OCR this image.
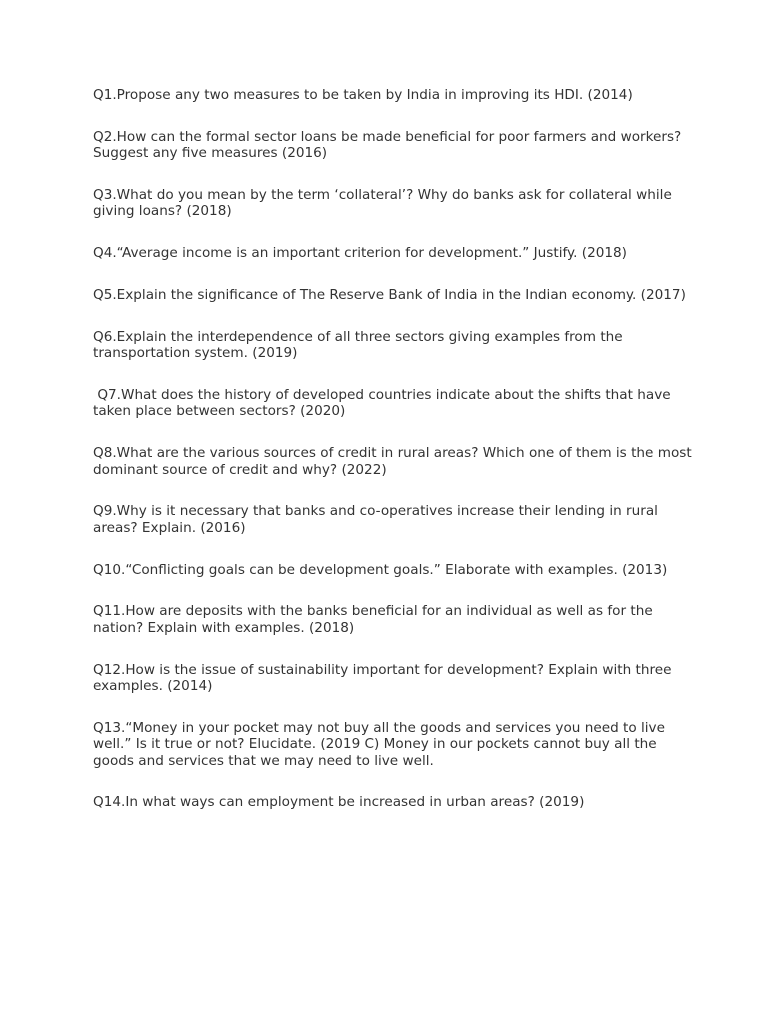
Q1.Propose any two measures to be taken by India in improving its HDI. (2014)

Q2.How can the formal sector loans be made beneficial for poor farmers and workers? Suggest any five measures (2016)

Q3.What do you mean by the term ‘collateral’? Why do banks ask for collateral while giving loans? (2018)

Q4.“Average income is an important criterion for development.” Justify. (2018)

Q5.Explain the significance of The Reserve Bank of India in the Indian economy. (2017)

Q6.Explain the interdependence of all three sectors giving examples from the transportation system. (2019)

Q7.What does the history of developed countries indicate about the shifts that have taken place between sectors? (2020)

Q8.What are the various sources of credit in rural areas? Which one of them is the most dominant source of credit and why? (2022)

Q9.Why is it necessary that banks and co-operatives increase their lending in rural areas? Explain. (2016)

Q10.“Conflicting goals can be development goals.” Elaborate with examples. (2013)

Q11.How are deposits with the banks beneficial for an individual as well as for the nation? Explain with examples. (2018)

Q12.How is the issue of sustainability important for development? Explain with three examples. (2014)

Q13.“Money in your pocket may not buy all the goods and services you need to live well.” Is it true or not? Elucidate. (2019 C) Money in our pockets cannot buy all the goods and services that we may need to live well.

Q14.In what ways can employment be increased in urban areas? (2019)
